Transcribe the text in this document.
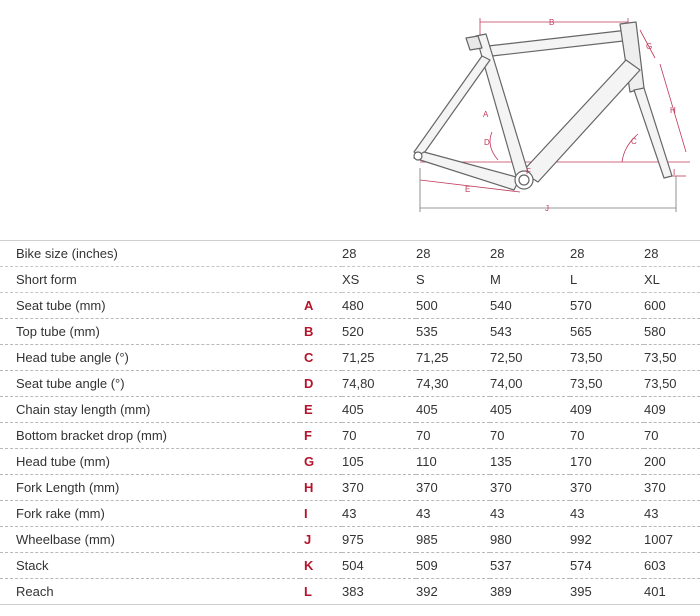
B
A
D	C
G
H
I
F
E
J
Bike size (inches)		28	28	28	28	28
Short form		XS	S	M	L	XL
Seat tube (mm)	A	480	500	540	570	600
Top tube (mm)	B	520	535	543	565	580
Head tube angle (°)	C	71,25	71,25	72,50	73,50	73,50
Seat tube angle (°)	D	74,80	74,30	74,00	73,50	73,50
Chain stay length (mm)	E	405	405	405	409	409
Bottom bracket drop (mm)	F	70	70	70	70	70
Head tube (mm)	G	105	110	135	170	200
Fork Length (mm)	H	370	370	370	370	370
Fork rake (mm)	I	43	43	43	43	43
Wheelbase (mm)	J	975	985	980	992	1007
Stack	K	504	509	537	574	603
Reach	L	383	392	389	395	401
